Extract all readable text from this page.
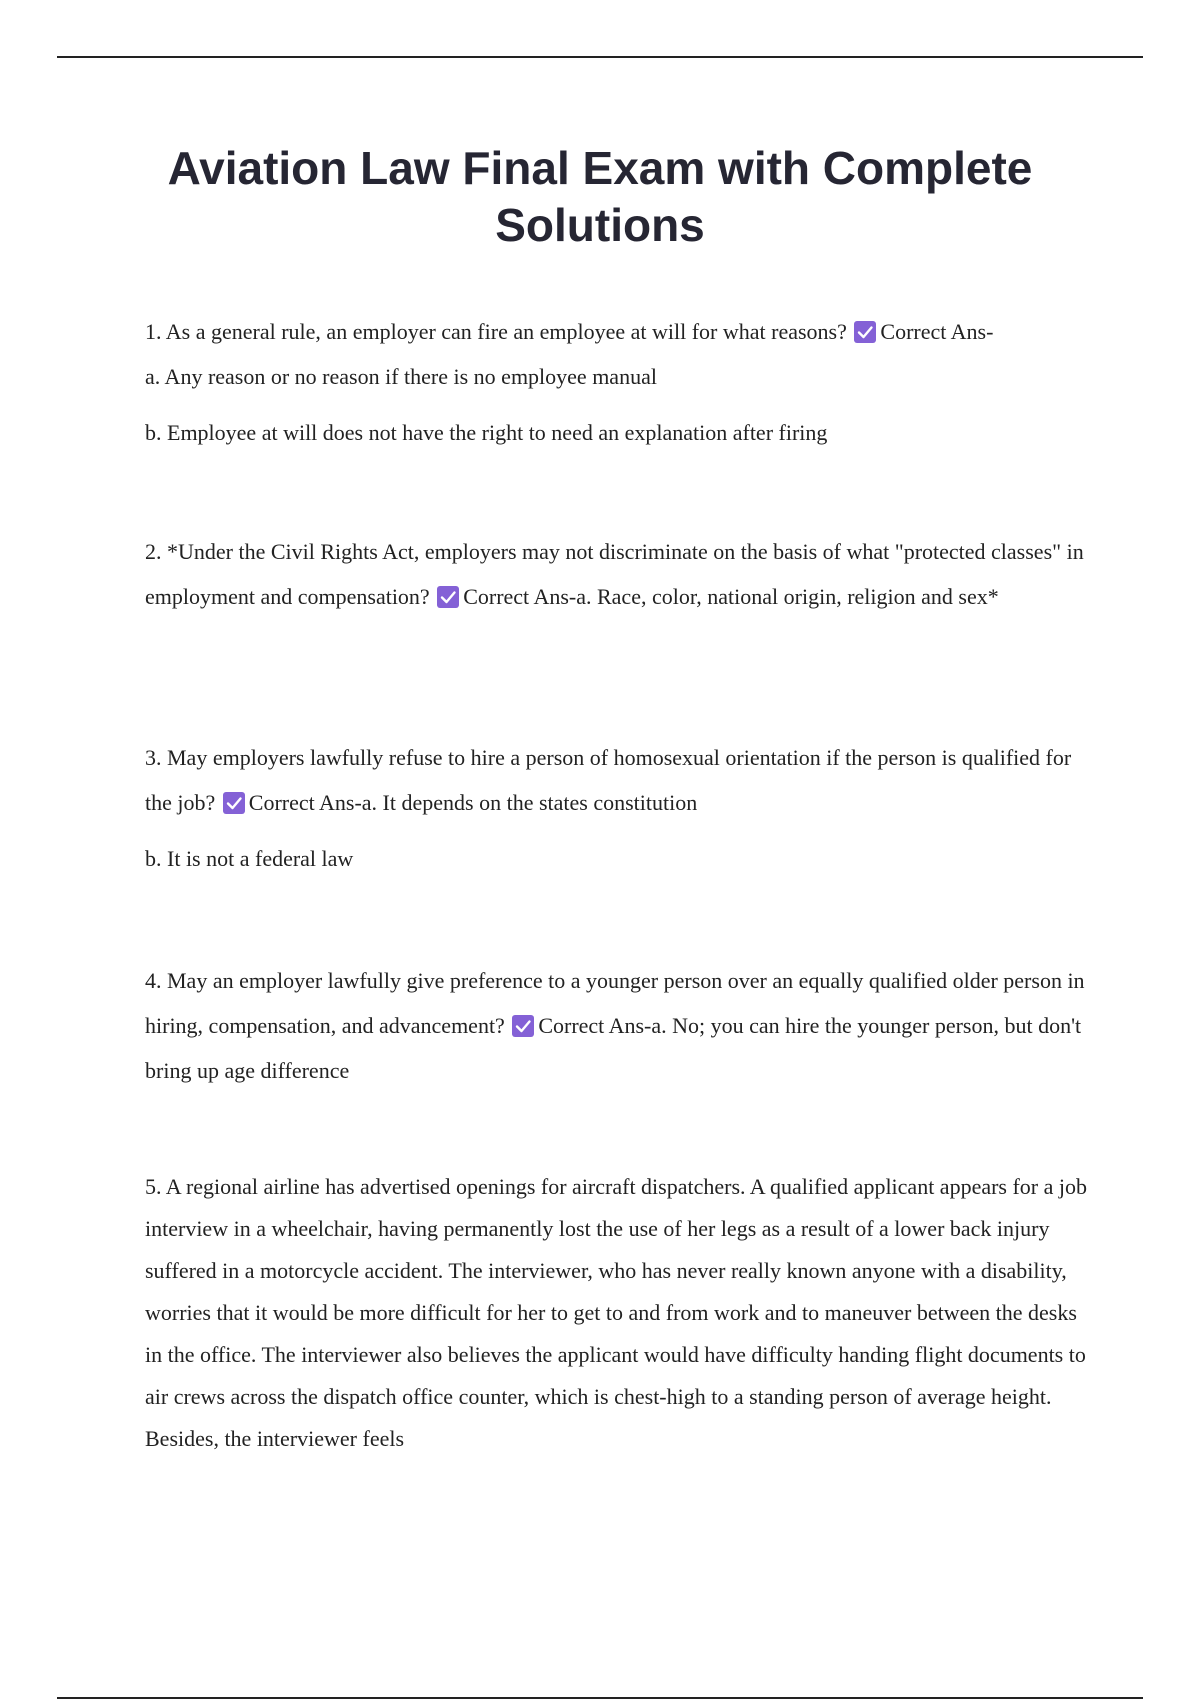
Aviation Law Final Exam with Complete Solutions

1. As a general rule, an employer can fire an employee at will for what reasons? Correct Ans-

a. Any reason or no reason if there is no employee manual

b. Employee at will does not have the right to need an explanation after firing

2. *Under the Civil Rights Act, employers may not discriminate on the basis of what "protected classes" in employment and compensation? Correct Ans-a. Race, color, national origin, religion and sex*

3. May employers lawfully refuse to hire a person of homosexual orientation if the person is qualified for the job? Correct Ans-a. It depends on the states constitution

b. It is not a federal law

4. May an employer lawfully give preference to a younger person over an equally qualified older person in hiring, compensation, and advancement? Correct Ans-a. No; you can hire the younger person, but don't bring up age difference

5. A regional airline has advertised openings for aircraft dispatchers. A qualified applicant appears for a job interview in a wheelchair, having permanently lost the use of her legs as a result of a lower back injury suffered in a motorcycle accident. The interviewer, who has never really known anyone with a disability, worries that it would be more difficult for her to get to and from work and to maneuver between the desks in the office. The interviewer also believes the applicant would have difficulty handing flight documents to air crews across the dispatch office counter, which is chest-high to a standing person of average height. Besides, the interviewer feels
